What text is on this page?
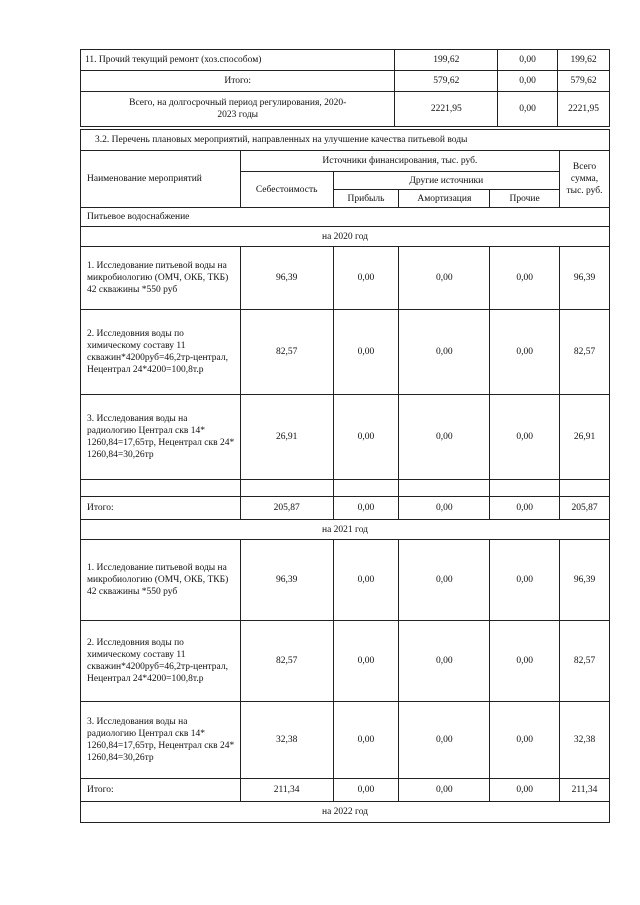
11. Прочий текущий ремонт (хоз.способом)	199,62	0,00	199,62
Итого:	579,62	0,00	579,62
Всего, на долгосрочный период регулирования, 2020-2023 годы	2221,95	0,00	2221,95
3.2. Перечень плановых мероприятий, направленных на улучшение качества питьевой воды					
Наименование мероприятий	Источники финансирования, тыс. руб.				Всего сумма, тыс. руб.
	Себестоимость	Другие источники			
		Прибыль	Амортизация	Прочие	
Питьевое водоснабжение					
на 2020 год					
1. Исследование питьевой воды на микробиологию (ОМЧ, ОКБ, ТКБ) 42 скважины *550 руб	96,39	0,00	0,00	0,00	96,39
2. Исследовния воды по химическому составу 11 скважин*4200руб=46,2тр-централ, Нецентрал 24*4200=100,8т.р	82,57	0,00	0,00	0,00	82,57
3. Исследования воды на радиологию Централ скв 14* 1260,84=17,65тр, Нецентрал скв 24* 1260,84=30,26тр	26,91	0,00	0,00	0,00	26,91

Итого:	205,87	0,00	0,00	0,00	205,87
на 2021 год					
1. Исследование питьевой воды на микробиологию (ОМЧ, ОКБ, ТКБ) 42 скважины *550 руб	96,39	0,00	0,00	0,00	96,39
2. Исследовния воды по химическому составу 11 скважин*4200руб=46,2тр-централ, Нецентрал 24*4200=100,8т.р	82,57	0,00	0,00	0,00	82,57
3. Исследования воды на радиологию Централ скв 14* 1260,84=17,65тр, Нецентрал скв 24* 1260,84=30,26тр	32,38	0,00	0,00	0,00	32,38
Итого:	211,34	0,00	0,00	0,00	211,34
на 2022 год					
